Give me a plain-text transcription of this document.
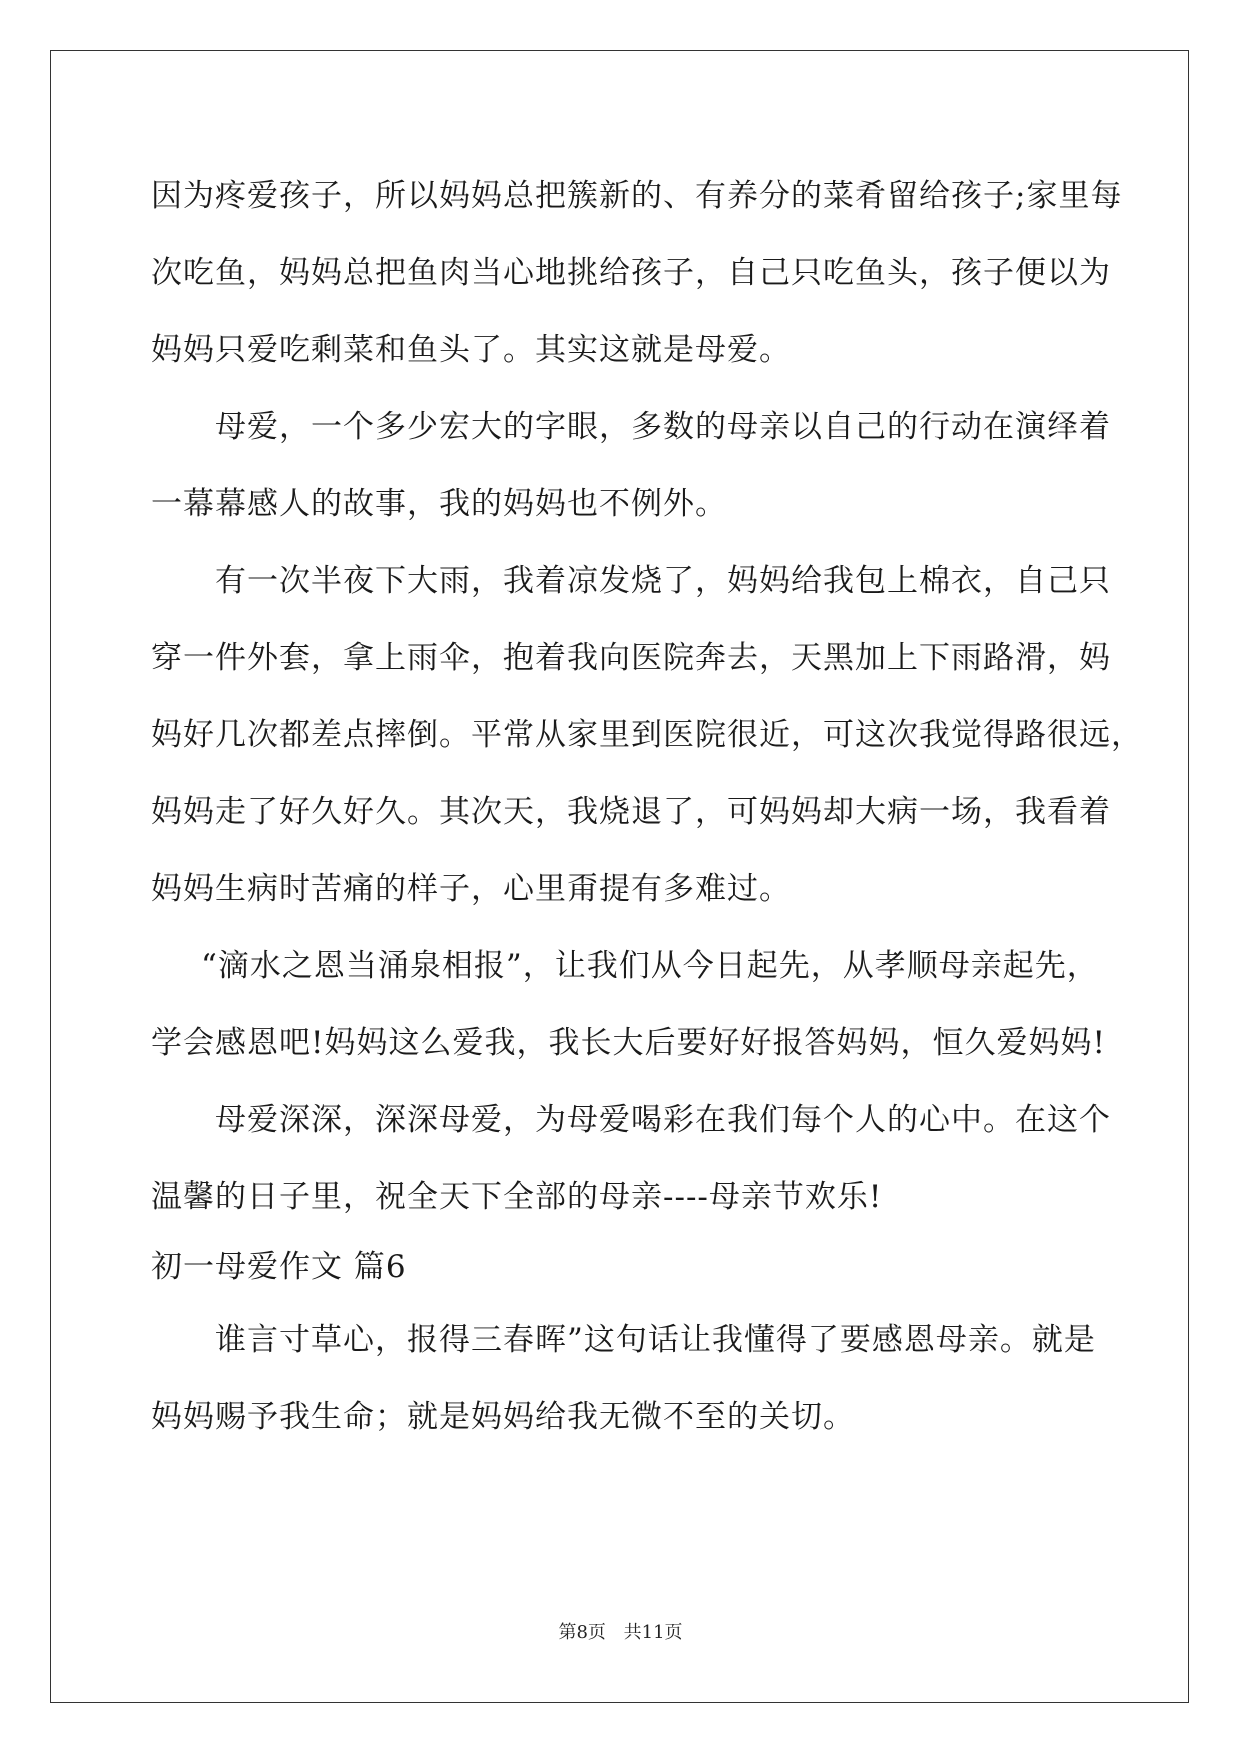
因为疼爱孩子，所以妈妈总把簇新的、有养分的菜肴留给孩子;家里每
次吃鱼，妈妈总把鱼肉当心地挑给孩子，自己只吃鱼头，孩子便以为
妈妈只爱吃剩菜和鱼头了。其实这就是母爱。

母爱，一个多少宏大的字眼，多数的母亲以自己的行动在演绎着
一幕幕感人的故事，我的妈妈也不例外。

有一次半夜下大雨，我着凉发烧了，妈妈给我包上棉衣，自己只
穿一件外套，拿上雨伞，抱着我向医院奔去，天黑加上下雨路滑，妈
妈好几次都差点摔倒。平常从家里到医院很近，可这次我觉得路很远，
妈妈走了好久好久。其次天，我烧退了，可妈妈却大病一场，我看着
妈妈生病时苦痛的样子，心里甭提有多难过。

“滴水之恩当涌泉相报”，让我们从今日起先，从孝顺母亲起先，
学会感恩吧!妈妈这么爱我，我长大后要好好报答妈妈，恒久爱妈妈!

母爱深深，深深母爱，为母爱喝彩在我们每个人的心中。在这个
温馨的日子里，祝全天下全部的母亲----母亲节欢乐!

初一母爱作文 篇6

谁言寸草心，报得三春晖”这句话让我懂得了要感恩母亲。就是
妈妈赐予我生命；就是妈妈给我无微不至的关切。

第8页 共11页
